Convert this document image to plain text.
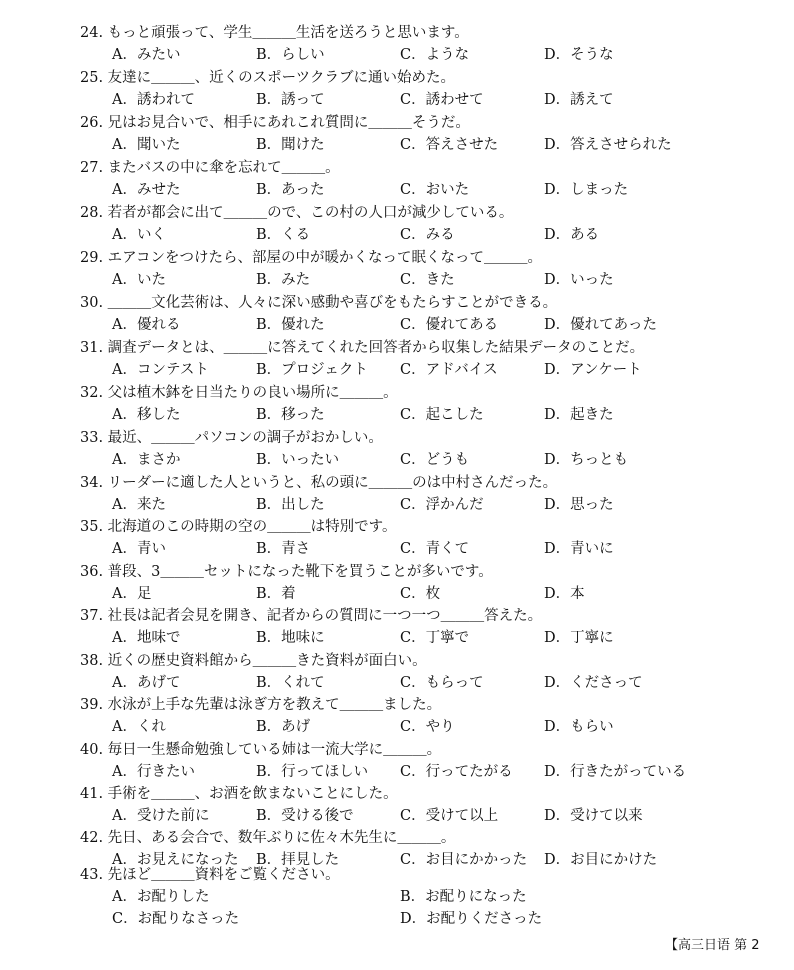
24. もっと頑張って、学生＿＿＿生活を送ろうと思います。
A．みたい	B．らしい	C．ような	D．そうな
25. 友達に＿＿＿、近くのスポーツクラブに通い始めた。
A．誘われて	B．誘って	C．誘わせて	D．誘えて
26. 兄はお見合いで、相手にあれこれ質問に＿＿＿そうだ。
A．聞いた	B．聞けた	C．答えさせた	D．答えさせられた
27. またバスの中に傘を忘れて＿＿＿。
A．みせた	B．あった	C．おいた	D．しまった
28. 若者が都会に出て＿＿＿ので、この村の人口が減少している。
A．いく	B．くる	C．みる	D．ある
29. エアコンをつけたら、部屋の中が暖かくなって眠くなって＿＿＿。
A．いた	B．みた	C．きた	D．いった
30. ＿＿＿文化芸術は、人々に深い感動や喜びをもたらすことができる。
A．優れる	B．優れた	C．優れてある	D．優れてあった
31. 調査データとは、＿＿＿に答えてくれた回答者から収集した結果データのことだ。
A．コンテスト	B．プロジェクト C．アドバイス	D．アンケート
32. 父は植木鉢を日当たりの良い場所に＿＿＿。
A．移した	B．移った	C．起こした	D．起きた
33. 最近、＿＿＿パソコンの調子がおかしい。
A．まさか	B．いったい	C．どうも	D．ちっとも
34. リーダーに適した人というと、私の頭に＿＿＿のは中村さんだった。
A．来た	B．出した	C．浮かんだ	D．思った
35. 北海道のこの時期の空の＿＿＿は特別です。
A．青い	B．青さ	C．青くて	D．青いに
36. 普段、3＿＿＿セットになった靴下を買うことが多いです。
A．足	B．着	C．枚	D．本
37. 社長は記者会見を開き、記者からの質問に一つ一つ＿＿＿答えた。
A．地味で	B．地味に	C．丁寧で	D．丁寧に
38. 近くの歴史資料館から＿＿＿きた資料が面白い。
A．あげて	B．くれて	C．もらって	D．くださって
39. 水泳が上手な先輩は泳ぎ方を教えて＿＿＿ました。
A．くれ	B．あげ	C．やり	D．もらい
40. 毎日一生懸命勉強している姉は一流大学に＿＿＿。
A．行きたい	B．行ってほしい C．行ってたがる D．行きたがっている
41. 手術を＿＿＿、お酒を飲まないことにした。
A．受けた前に	B．受ける後で	C．受けて以上	D．受けて以来
42. 先日、ある会合で、数年ぶりに佐々木先生に＿＿＿。
A．お見えになった B．拝見した	C．お目にかかった D．お目にかけた
43. 先ほど＿＿＿資料をご覧ください。
A．お配りした	B．お配りになった
C．お配りなさった	D．お配りくださった
【高三日语 第 2
